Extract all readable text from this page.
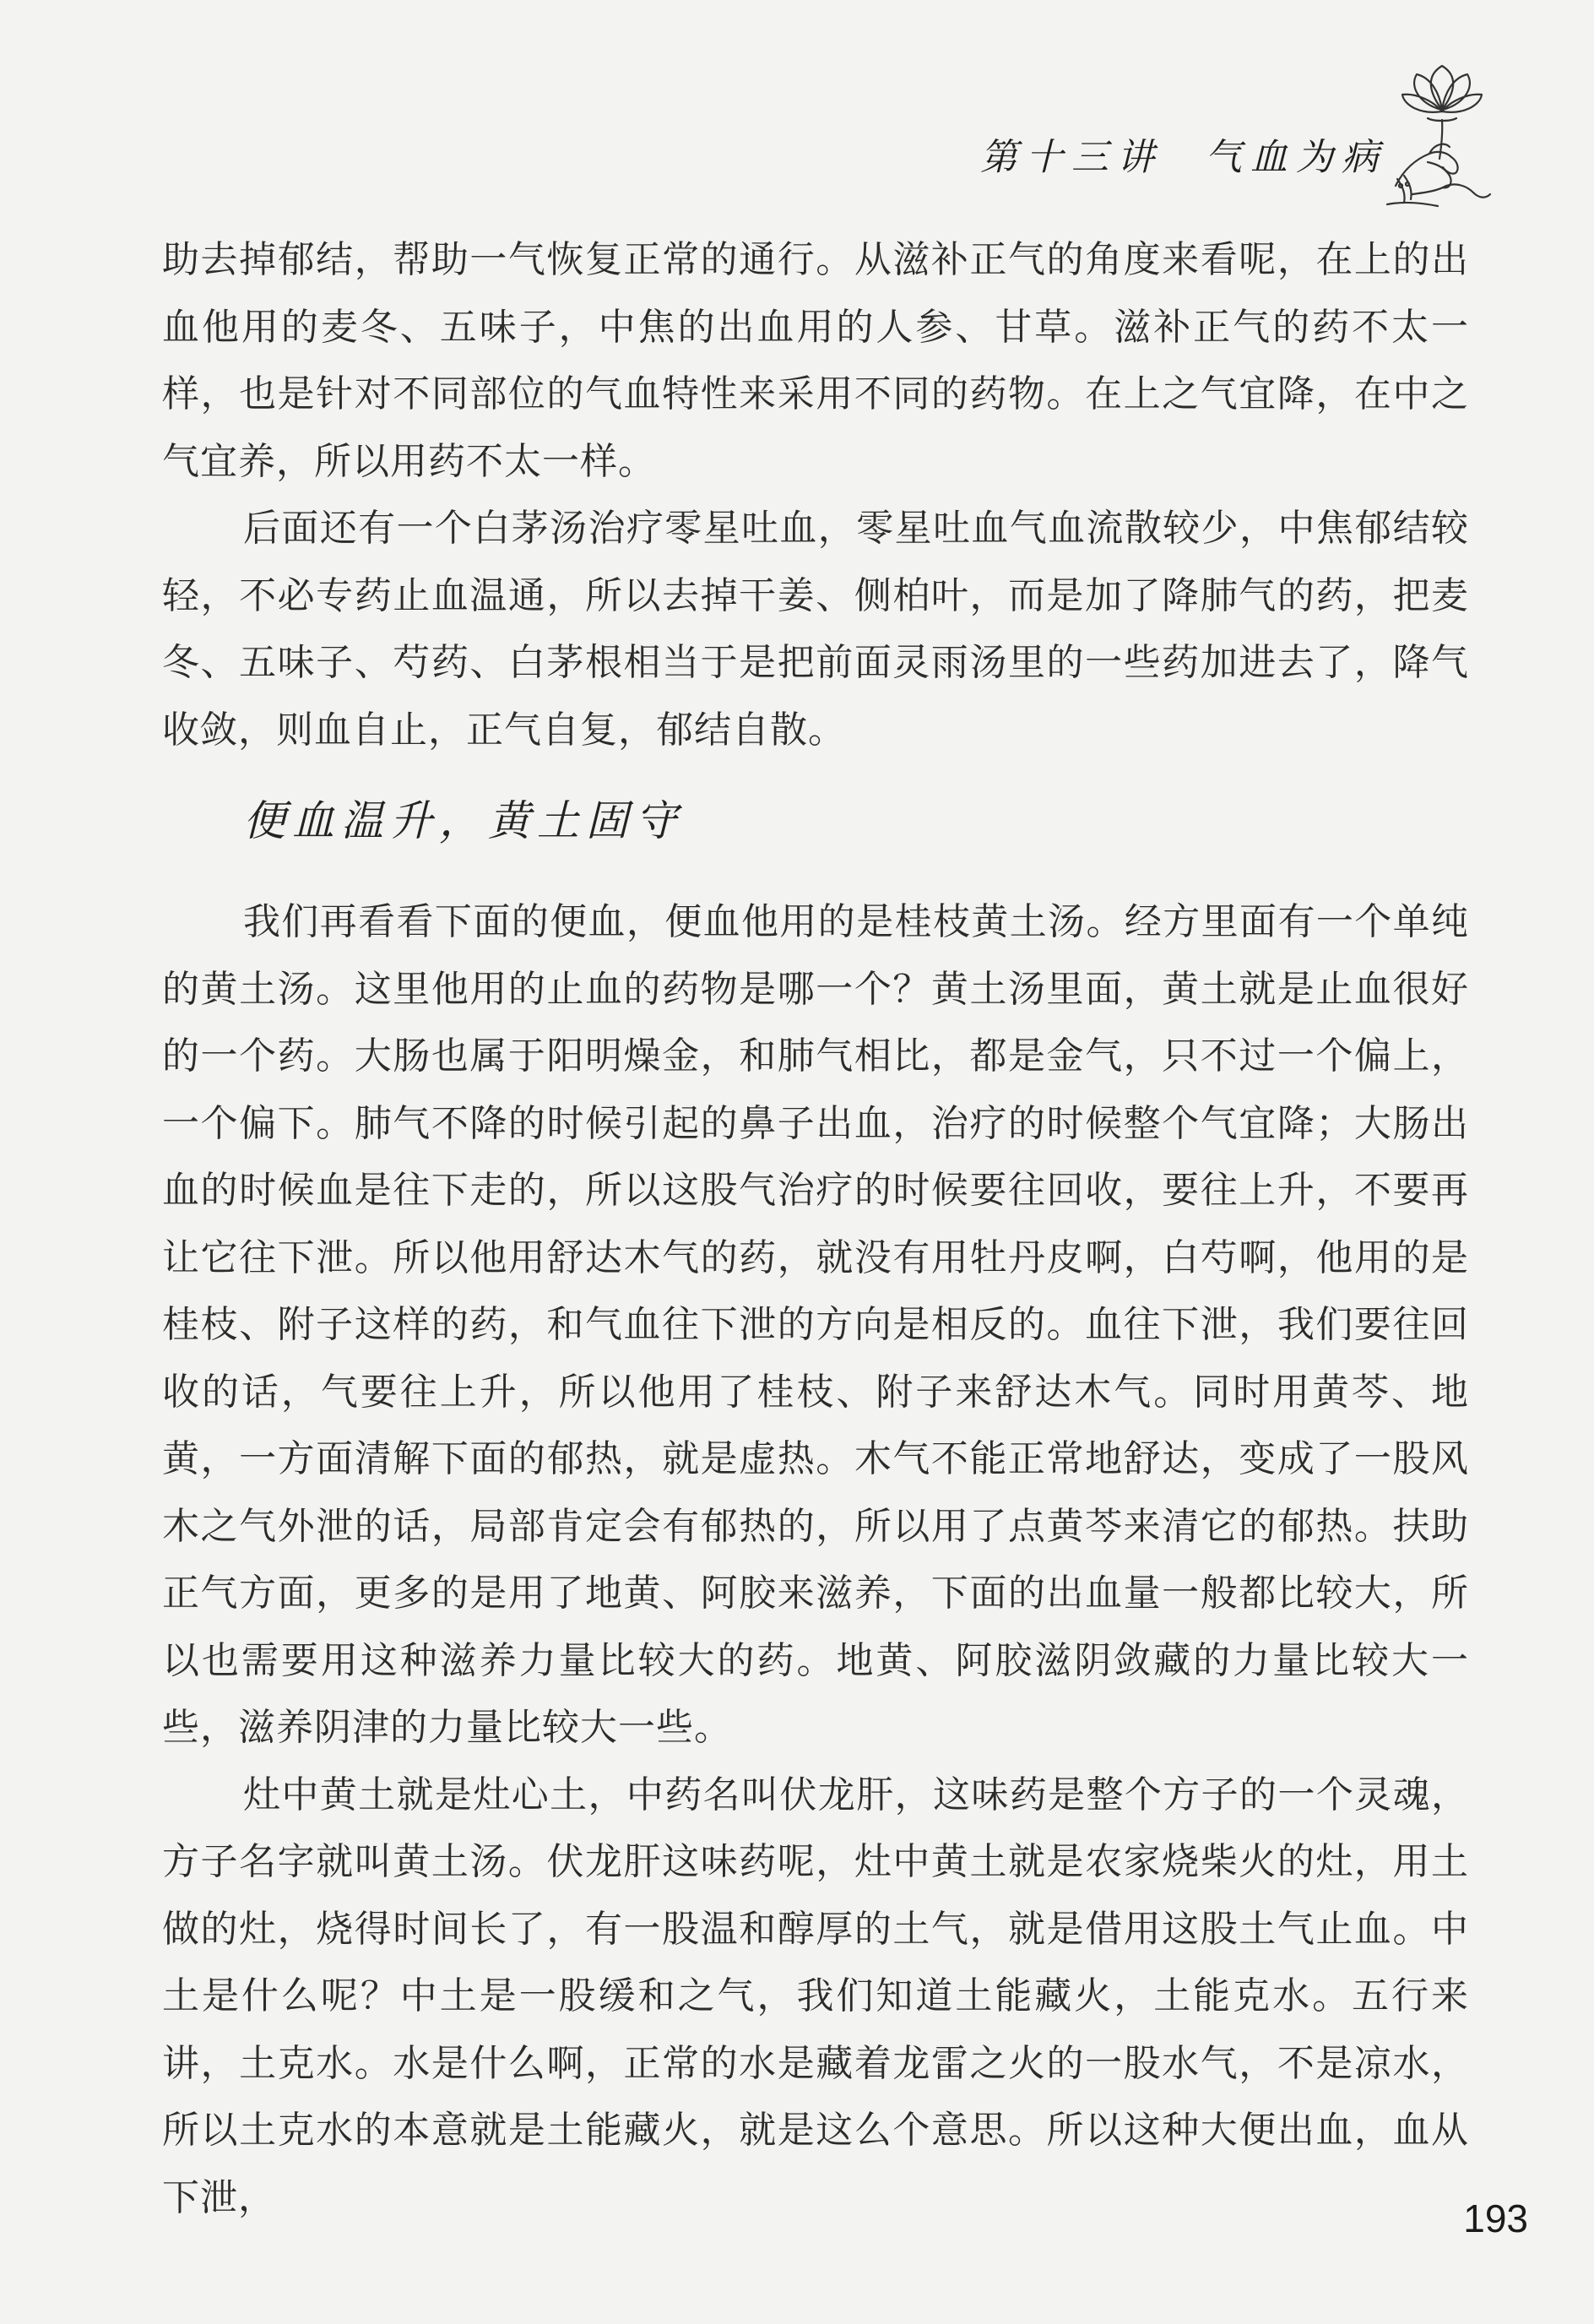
第十三讲 气血为病

助去掉郁结，帮助一气恢复正常的通行。从滋补正气的角度来看呢，在上的出血他用的麦冬、五味子，中焦的出血用的人参、甘草。滋补正气的药不太一样，也是针对不同部位的气血特性来采用不同的药物。在上之气宜降，在中之气宜养，所以用药不太一样。

后面还有一个白茅汤治疗零星吐血，零星吐血气血流散较少，中焦郁结较轻，不必专药止血温通，所以去掉干姜、侧柏叶，而是加了降肺气的药，把麦冬、五味子、芍药、白茅根相当于是把前面灵雨汤里的一些药加进去了，降气收敛，则血自止，正气自复，郁结自散。

便血温升，黄土固守

我们再看看下面的便血，便血他用的是桂枝黄土汤。经方里面有一个单纯的黄土汤。这里他用的止血的药物是哪一个？黄土汤里面，黄土就是止血很好的一个药。大肠也属于阳明燥金，和肺气相比，都是金气，只不过一个偏上，一个偏下。肺气不降的时候引起的鼻子出血，治疗的时候整个气宜降；大肠出血的时候血是往下走的，所以这股气治疗的时候要往回收，要往上升，不要再让它往下泄。所以他用舒达木气的药，就没有用牡丹皮啊，白芍啊，他用的是桂枝、附子这样的药，和气血往下泄的方向是相反的。血往下泄，我们要往回收的话，气要往上升，所以他用了桂枝、附子来舒达木气。同时用黄芩、地黄，一方面清解下面的郁热，就是虚热。木气不能正常地舒达，变成了一股风木之气外泄的话，局部肯定会有郁热的，所以用了点黄芩来清它的郁热。扶助正气方面，更多的是用了地黄、阿胶来滋养，下面的出血量一般都比较大，所以也需要用这种滋养力量比较大的药。地黄、阿胶滋阴敛藏的力量比较大一些，滋养阴津的力量比较大一些。

灶中黄土就是灶心土，中药名叫伏龙肝，这味药是整个方子的一个灵魂，方子名字就叫黄土汤。伏龙肝这味药呢，灶中黄土就是农家烧柴火的灶，用土做的灶，烧得时间长了，有一股温和醇厚的土气，就是借用这股土气止血。中土是什么呢？中土是一股缓和之气，我们知道土能藏火，土能克水。五行来讲，土克水。水是什么啊，正常的水是藏着龙雷之火的一股水气，不是凉水，所以土克水的本意就是土能藏火，就是这么个意思。所以这种大便出血，血从下泄，	193
